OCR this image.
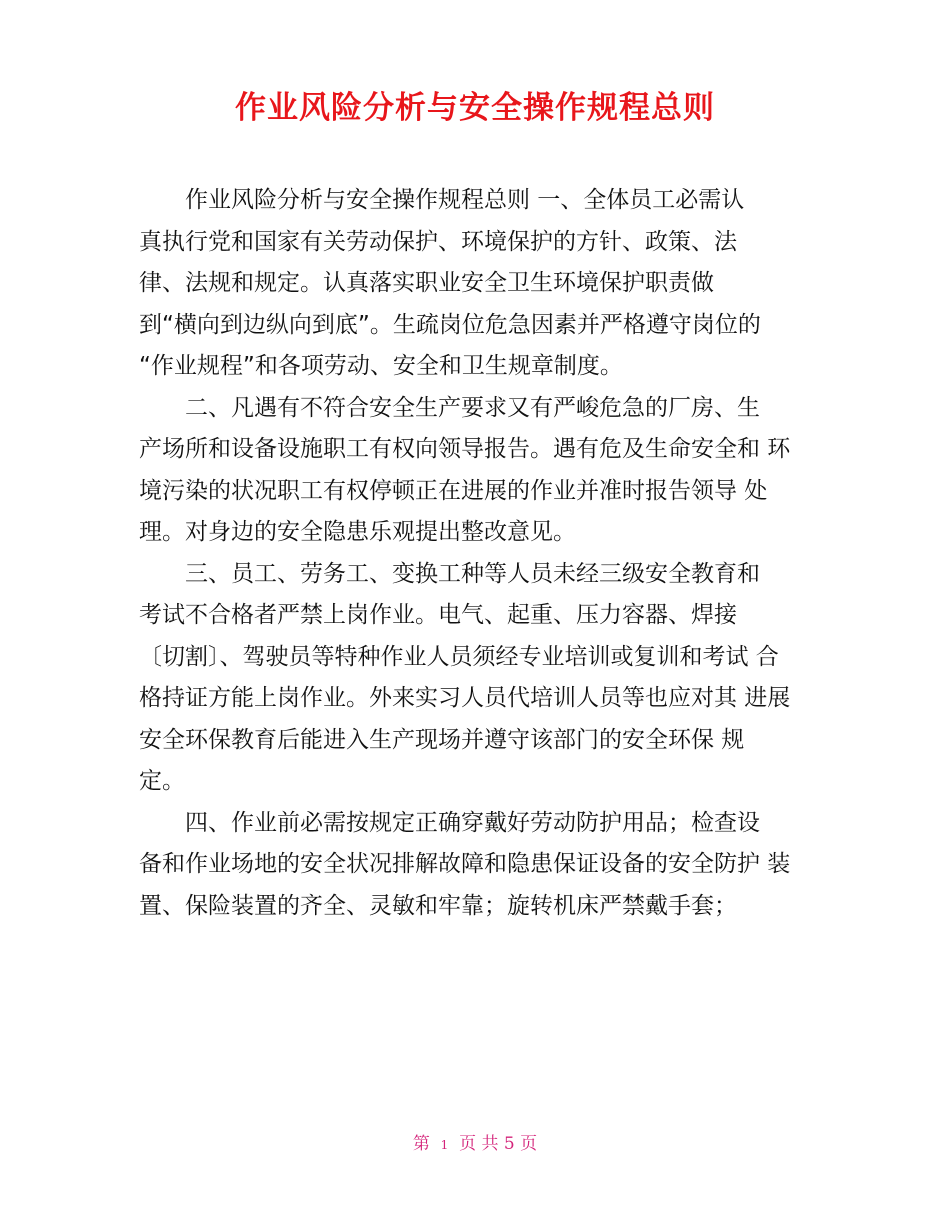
作业风险分析与安全操作规程总则
作业风险分析与安全操作规程总则 一、全体员工必需认
真执行党和国家有关劳动保护、环境保护的方针、政策、法
律、法规和规定。认真落实职业安全卫生环境保护职责做
到“横向到边纵向到底”。生疏岗位危急因素并严格遵守岗位的
“作业规程”和各项劳动、安全和卫生规章制度。
二、凡遇有不符合安全生产要求又有严峻危急的厂房、生
产场所和设备设施职工有权向领导报告。遇有危及生命安全和 环
境污染的状况职工有权停顿正在进展的作业并准时报告领导 处
理。对身边的安全隐患乐观提出整改意见。
三、员工、劳务工、变换工种等人员未经三级安全教育和
考试不合格者严禁上岗作业。电气、起重、压力容器、焊接
〔切割〕、驾驶员等特种作业人员须经专业培训或复训和考试 合
格持证方能上岗作业。外来实习人员代培训人员等也应对其 进展
安全环保教育后能进入生产现场并遵守该部门的安全环保 规
定。
四、作业前必需按规定正确穿戴好劳动防护用品；检查设
备和作业场地的安全状况排解故障和隐患保证设备的安全防护 装
置、保险装置的齐全、灵敏和牢靠；旋转机床严禁戴手套；
第 1 页 共 5 页
